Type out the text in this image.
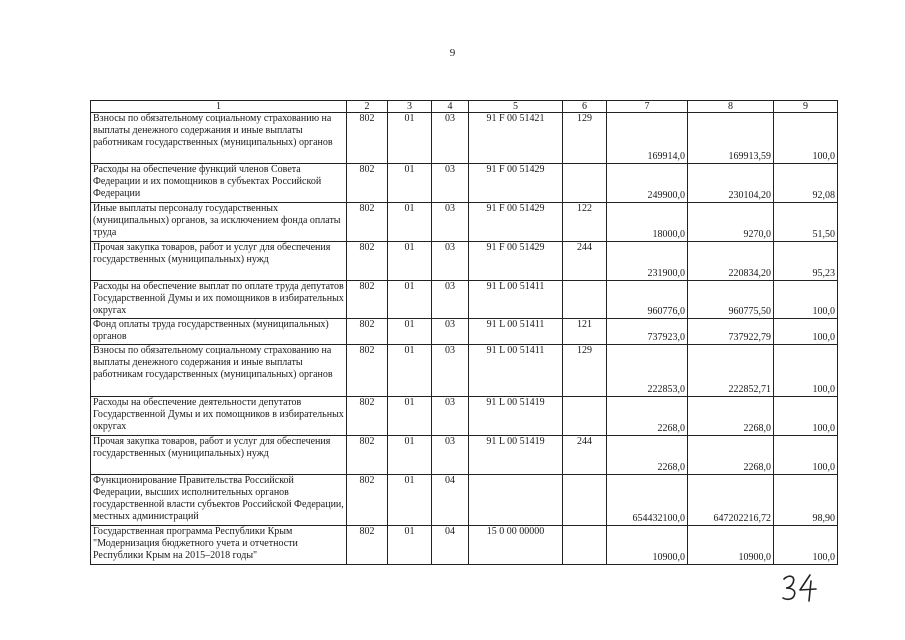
9
1	2	3	4	5	6	7	8	9
Взносы по обязательному социальному страхованию на выплаты денежного содержания и иные выплаты работникам государственных (муниципальных) органов	802	01	03	91 F 00 51421	129	169914,0	169913,59	100,0
Расходы на обеспечение функций членов Совета Федерации и их помощников в субъектах Российской Федерации	802	01	03	91 F 00 51429		249900,0	230104,20	92,08
Иные выплаты персоналу государственных (муниципальных) органов, за исключением фонда оплаты труда	802	01	03	91 F 00 51429	122	18000,0	9270,0	51,50
Прочая закупка товаров, работ и услуг для обеспечения государственных (муниципальных) нужд	802	01	03	91 F 00 51429	244	231900,0	220834,20	95,23
Расходы на обеспечение выплат по оплате труда депутатов Государственной Думы и их помощников в избирательных округах	802	01	03	91 L 00 51411		960776,0	960775,50	100,0
Фонд оплаты труда государственных (муниципальных) органов	802	01	03	91 L 00 51411	121	737923,0	737922,79	100,0
Взносы по обязательному социальному страхованию на выплаты денежного содержания и иные выплаты работникам государственных (муниципальных) органов	802	01	03	91 L 00 51411	129	222853,0	222852,71	100,0
Расходы на обеспечение деятельности депутатов Государственной Думы и их помощников в избирательных округах	802	01	03	91 L 00 51419		2268,0	2268,0	100,0
Прочая закупка товаров, работ и услуг для обеспечения государственных (муниципальных) нужд	802	01	03	91 L 00 51419	244	2268,0	2268,0	100,0
Функционирование Правительства Российской Федерации, высших исполнительных органов государственной власти субъектов Российской Федерации, местных администраций	802	01	04			654432100,0	647202216,72	98,90
Государственная программа Республики Крым "Модернизация бюджетного учета и отчетности Республики Крым на 2015–2018 годы"	802	01	04	15 0 00 00000		10900,0	10900,0	100,0
